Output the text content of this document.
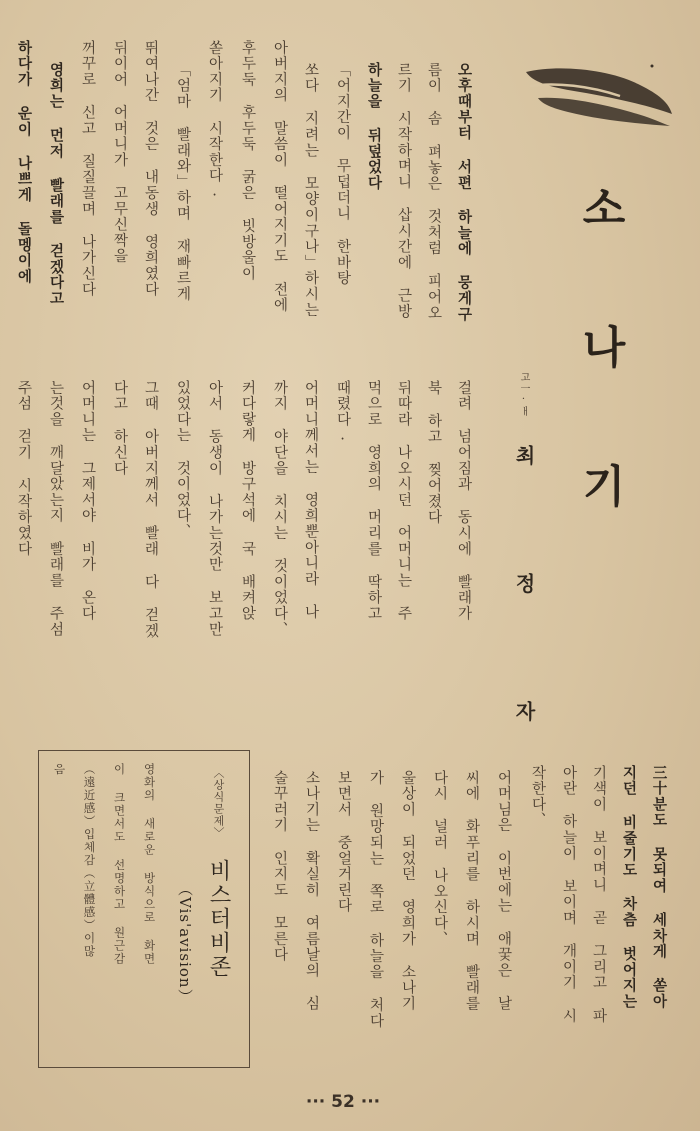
소 나 기
고一·ㅐ
최 정 자
오후때부터 서편 하늘에 뭉게구
름이 솜 펴놓은 것처럼 피어오
르기 시작하며니 삽시간에 근방
하늘을 뒤덮었다
「어지간이 무덥더니 한바탕
쏘다 지려는 모양이구나」하시는
아버지의 말씀이 떨어지기도 전에
후두둑 후두둑 굵은 빗방울이
쏟아지기 시작한다.
「엄마 빨래와」하며 재빠르게
뛰여나간 것은 내동생 영희였다
뒤이어 어머니가 고무신짝을
꺼꾸로 신고 질질끌며 나가신다
영희는 먼저 빨래를 걷겠다고
하다가 운이 나쁘게 돌멩이에
걸려 넘어짐과 동시에 빨래가
북 하고 찢어졌다
뒤따라 나오시던 어머니는 주
먹으로 영희의 머리를 딱하고
때렸다.
어머니께서는 영희뿐아니라 나
까지 야단을 치시는 것이었다、
커다랗게 방구석에 국 배켜앉
아서 동생이 나가는것만 보고만
있었다는 것이었다、
그때 아버지께서 빨래 다 걷겠
다고 하신다
어머니는 그제서야 비가 온다
는것을 깨달았는지 빨래를 주섬
주섬 걷기 시작하였다
三十분도 못되여 세차게 쏟아
지던 비줄기도 차츰 벗어지는
기색이 보이며니 곧 그리고 파
아란 하늘이 보이며 개이기 시
작한다、
어머님은 이번에는 애꿎은 날
씨에 화푸리를 하시며 빨래를
다시 널러 나오신다、
울상이 되었던 영희가 소나기
가 원망되는 쪽로 하늘을 처다
보면서 중얼거린다
소나기는 확실히 여름날의 심
술꾸러기 인지도 모른다
〈상식문제〉
비스터비존
（Vis'avision）
영화의 새로운 방식으로 화면
이 크면서도 선명하고 원근감
（遠近感）입체감（立體感）이많
음
··· 52 ···
